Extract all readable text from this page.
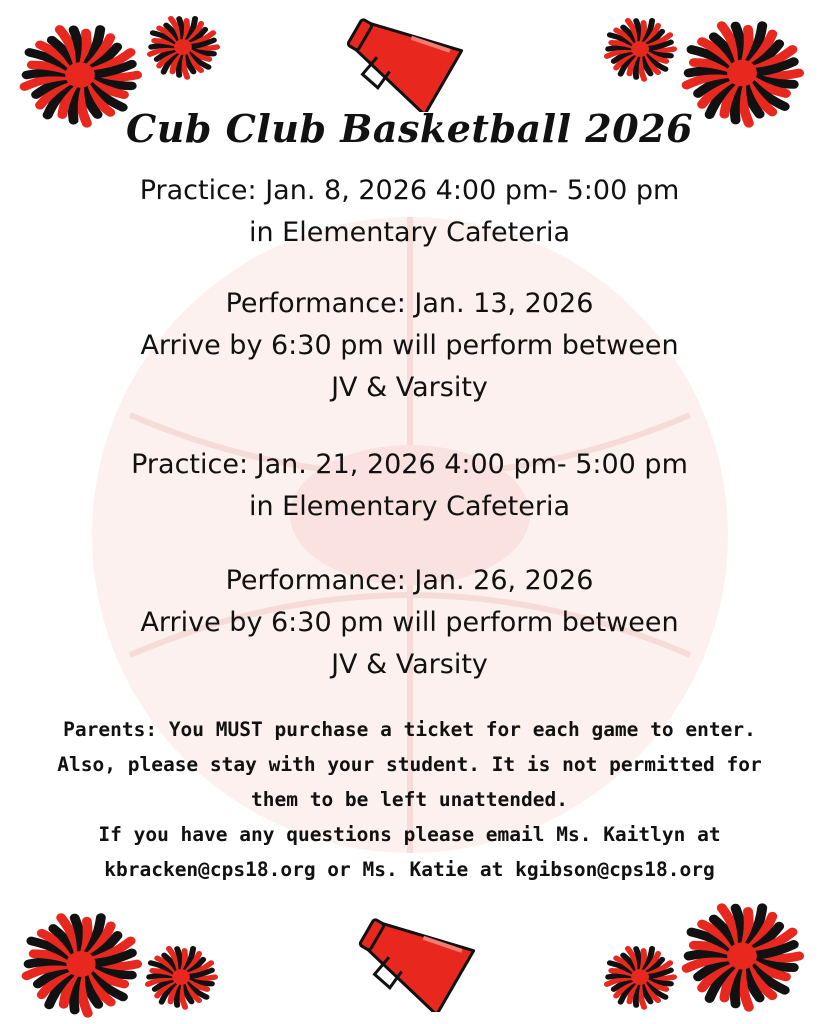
Cub Club Basketball 2026
Practice: Jan. 8, 2026 4:00 pm- 5:00 pm
in Elementary Cafeteria
Performance: Jan. 13, 2026
Arrive by 6:30 pm will perform between
JV & Varsity
Practice: Jan. 21, 2026 4:00 pm- 5:00 pm
in Elementary Cafeteria
Performance: Jan. 26, 2026
Arrive by 6:30 pm will perform between
JV & Varsity
Parents: You MUST purchase a ticket for each game to enter.
Also, please stay with your student. It is not permitted for
them to be left unattended.
If you have any questions please email Ms. Kaitlyn at
kbracken@cps18.org or Ms. Katie at kgibson@cps18.org
